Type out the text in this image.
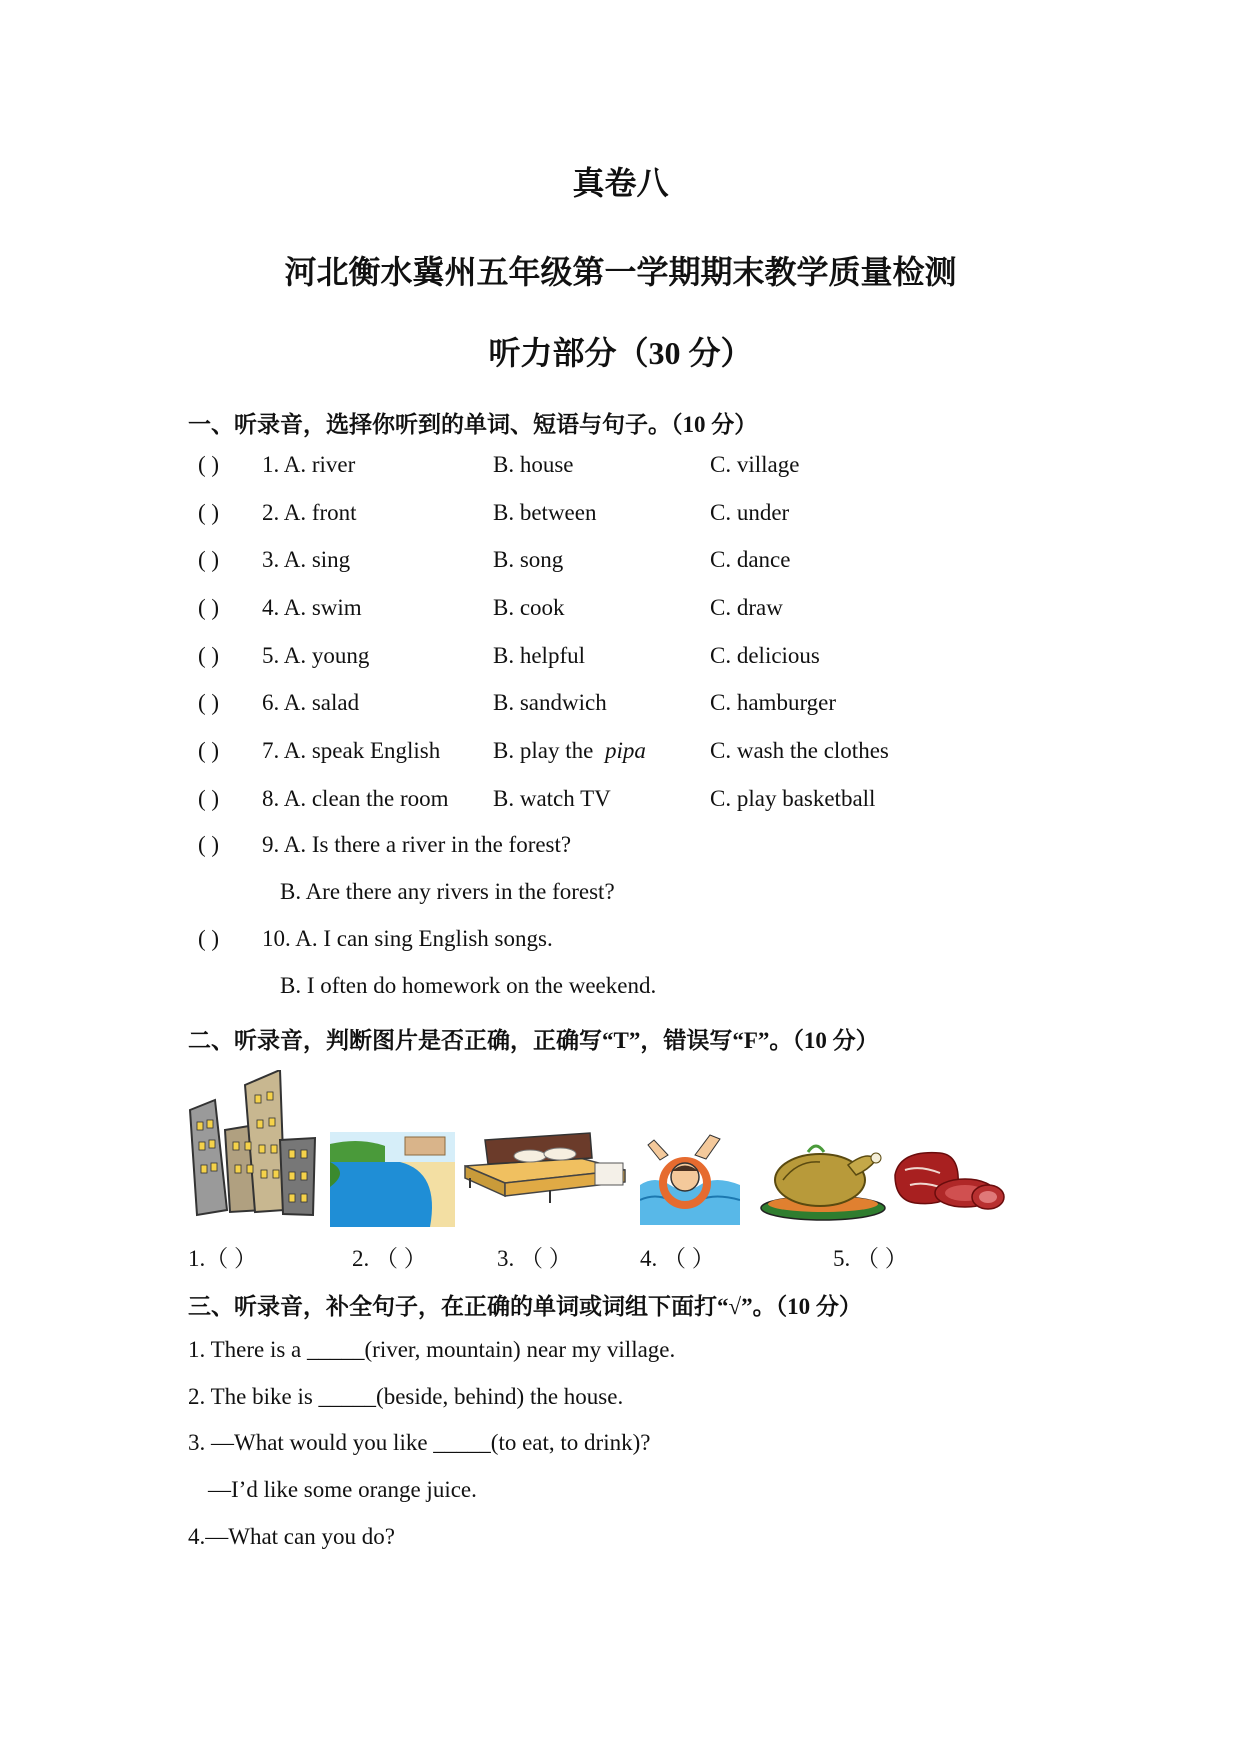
真卷八
河北衡水冀州五年级第一学期期末教学质量检测
听力部分（30 分）
一、听录音，选择你听到的单词、短语与句子。（10 分）
( ) 1. A. river	B. house	C. village
( ) 2. A. front	B. between	C. under
( ) 3. A. sing	B. song	C. dance
( ) 4. A. swim	B. cook	C. draw
( ) 5. A. young	B. helpful	C. delicious
( ) 6. A. salad	B. sandwich	C. hamburger
( ) 7. A. speak English B. play the pipa	C. wash the clothes
( ) 8. A. clean the room B. watch TV	C. play basketball
( ) 9. A. Is there a river in the forest?
B. Are there any rivers in the forest?
( ) 10. A. I can sing English songs.
B. I often do homework on the weekend.
二、听录音，判断图片是否正确，正确写“T”，错误写“F”。（10 分）
1.（ ）	2. （ ）	3. （ ）	4. （ ）	5. （ ）
三、听录音，补全句子，在正确的单词或词组下面打“√”。（10 分）
1. There is a _____(river, mountain) near my village.
2. The bike is _____(beside, behind) the house.
3. —What would you like _____(to eat, to drink)?
—I’d like some orange juice.
4.—What can you do?
